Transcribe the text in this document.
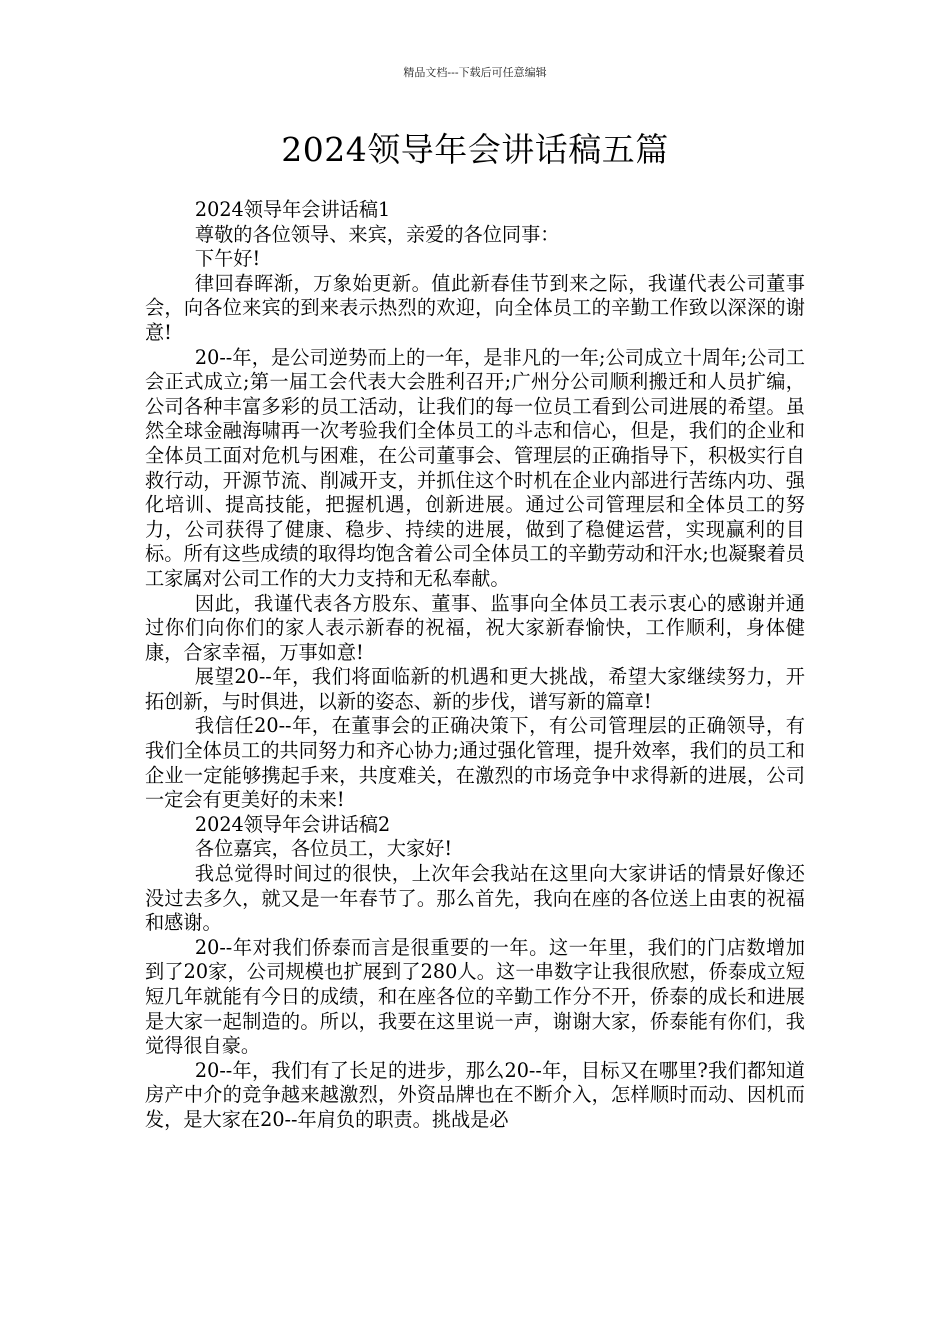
精品文档---下载后可任意编辑
2024领导年会讲话稿五篇

2024领导年会讲话稿1

尊敬的各位领导、来宾，亲爱的各位同事：

下午好!

律回春晖渐，万象始更新。值此新春佳节到来之际，我谨代表公司董事会，向各位来宾的到来表示热烈的欢迎，向全体员工的辛勤工作致以深深的谢意!

20--年，是公司逆势而上的一年，是非凡的一年;公司成立十周年;公司工会正式成立;第一届工会代表大会胜利召开;广州分公司顺利搬迁和人员扩编，公司各种丰富多彩的员工活动，让我们的每一位员工看到公司进展的希望。虽然全球金融海啸再一次考验我们全体员工的斗志和信心，但是，我们的企业和全体员工面对危机与困难，在公司董事会、管理层的正确指导下，积极实行自救行动，开源节流、削减开支，并抓住这个时机在企业内部进行苦练内功、强化培训、提高技能，把握机遇，创新进展。通过公司管理层和全体员工的努力，公司获得了健康、稳步、持续的进展，做到了稳健运营，实现赢利的目标。所有这些成绩的取得均饱含着公司全体员工的辛勤劳动和汗水;也凝聚着员工家属对公司工作的大力支持和无私奉献。

因此，我谨代表各方股东、董事、监事向全体员工表示衷心的感谢并通过你们向你们的家人表示新春的祝福，祝大家新春愉快，工作顺利，身体健康，合家幸福，万事如意!

展望20--年，我们将面临新的机遇和更大挑战，希望大家继续努力，开拓创新，与时俱进，以新的姿态、新的步伐，谱写新的篇章!

我信任20--年，在董事会的正确决策下，有公司管理层的正确领导，有我们全体员工的共同努力和齐心协力;通过强化管理，提升效率，我们的员工和企业一定能够携起手来，共度难关，在激烈的市场竞争中求得新的进展，公司一定会有更美好的未来!

2024领导年会讲话稿2

各位嘉宾，各位员工，大家好!

我总觉得时间过的很快，上次年会我站在这里向大家讲话的情景好像还没过去多久，就又是一年春节了。那么首先，我向在座的各位送上由衷的祝福和感谢。

20--年对我们侨泰而言是很重要的一年。这一年里，我们的门店数增加到了20家，公司规模也扩展到了280人。这一串数字让我很欣慰，侨泰成立短短几年就能有今日的成绩，和在座各位的辛勤工作分不开，侨泰的成长和进展是大家一起制造的。所以，我要在这里说一声，谢谢大家，侨泰能有你们，我觉得很自豪。

20--年，我们有了长足的进步，那么20--年，目标又在哪里?我们都知道房产中介的竞争越来越激烈，外资品牌也在不断介入，怎样顺时而动、因机而发，是大家在20--年肩负的职责。挑战是必
